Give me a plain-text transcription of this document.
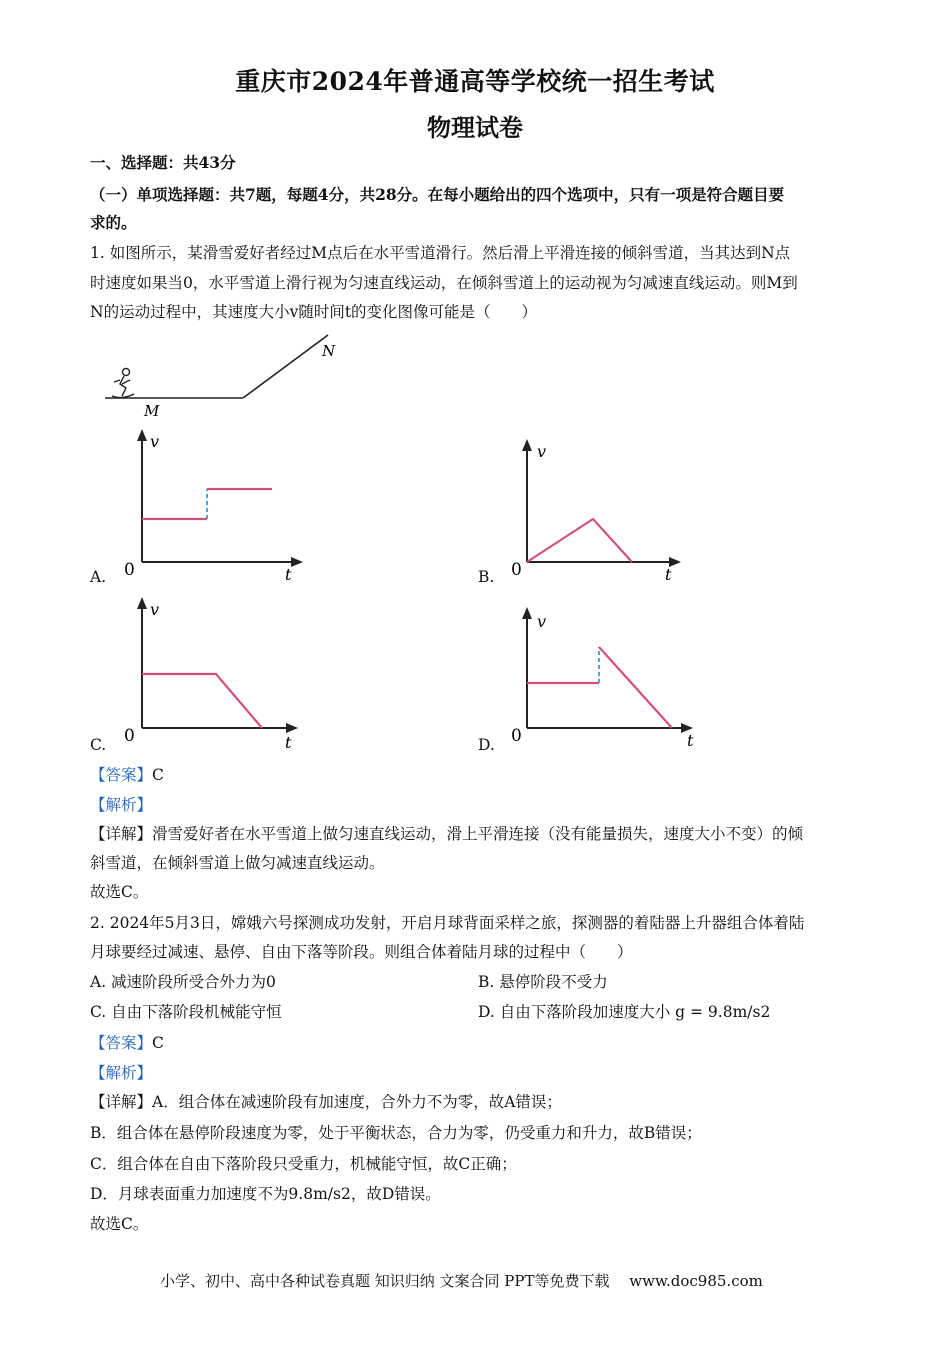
重庆市2024年普通高等学校统一招生考试
物理试卷
一、选择题：共43分
（一）单项选择题：共7题，每题4分，共28分。在每小题给出的四个选项中，只有一项是符合题目要
求的。
1. 如图所示，某滑雪爱好者经过M点后在水平雪道滑行。然后滑上平滑连接的倾斜雪道，当其达到N点
时速度如果当0，水平雪道上滑行视为匀速直线运动，在倾斜雪道上的运动视为匀减速直线运动。则M到
N的运动过程中，其速度大小v随时间t的变化图像可能是（　　）
M
N
v
t
0
A.
v
t
0
B.
v
t
0
C.
v
t
0
D.
【答案】C
【解析】
【详解】滑雪爱好者在水平雪道上做匀速直线运动，滑上平滑连接（没有能量损失，速度大小不变）的倾
斜雪道，在倾斜雪道上做匀减速直线运动。
故选C。
2. 2024年5月3日，嫦娥六号探测成功发射，开启月球背面采样之旅，探测器的着陆器上升器组合体着陆
月球要经过减速、悬停、自由下落等阶段。则组合体着陆月球的过程中（　　）
A. 减速阶段所受合外力为0	B. 悬停阶段不受力
C. 自由下落阶段机械能守恒	D. 自由下落阶段加速度大小 g = 9.8m/s2
【答案】C
【解析】
【详解】A．组合体在减速阶段有加速度，合外力不为零，故A错误；
B．组合体在悬停阶段速度为零，处于平衡状态，合力为零，仍受重力和升力，故B错误；
C．组合体在自由下落阶段只受重力，机械能守恒，故C正确；
D．月球表面重力加速度不为9.8m/s2，故D错误。
故选C。
小学、初中、高中各种试卷真题 知识归纳 文案合同 PPT等免费下载　 www.doc985.com
